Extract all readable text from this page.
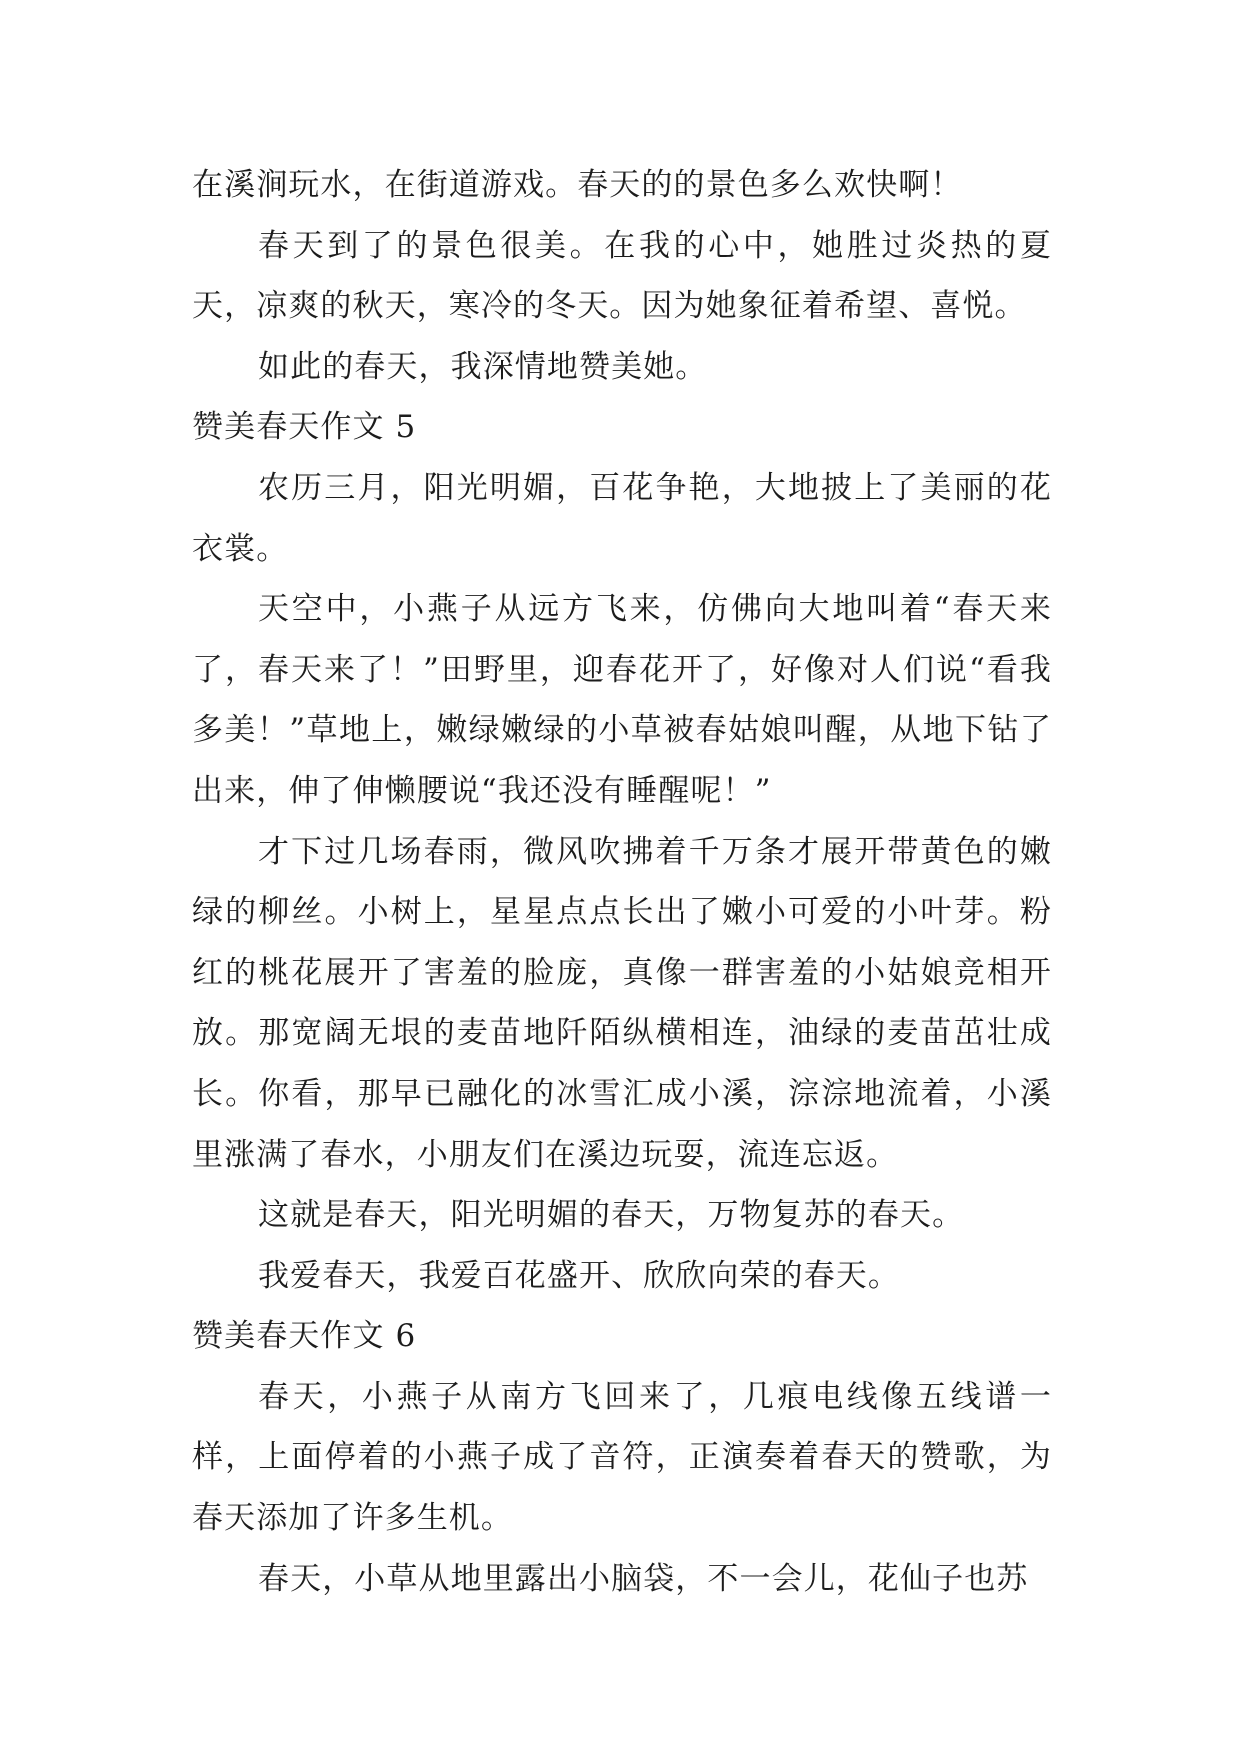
在溪涧玩水，在街道游戏。春天的的景色多么欢快啊！

春天到了的景色很美。在我的心中，她胜过炎热的夏天，凉爽的秋天，寒冷的冬天。因为她象征着希望、喜悦。

如此的春天，我深情地赞美她。

赞美春天作文 5

农历三月，阳光明媚，百花争艳，大地披上了美丽的花衣裳。

天空中，小燕子从远方飞来，仿佛向大地叫着“春天来了，春天来了！”田野里，迎春花开了，好像对人们说“看我多美！”草地上，嫩绿嫩绿的小草被春姑娘叫醒，从地下钻了出来，伸了伸懒腰说“我还没有睡醒呢！”

才下过几场春雨，微风吹拂着千万条才展开带黄色的嫩绿的柳丝。小树上，星星点点长出了嫩小可爱的小叶芽。粉红的桃花展开了害羞的脸庞，真像一群害羞的小姑娘竞相开放。那宽阔无垠的麦苗地阡陌纵横相连，油绿的麦苗茁壮成长。你看，那早已融化的冰雪汇成小溪，淙淙地流着，小溪里涨满了春水，小朋友们在溪边玩耍，流连忘返。

这就是春天，阳光明媚的春天，万物复苏的春天。

我爱春天，我爱百花盛开、欣欣向荣的春天。

赞美春天作文 6

春天，小燕子从南方飞回来了，几痕电线像五线谱一样，上面停着的小燕子成了音符，正演奏着春天的赞歌，为春天添加了许多生机。

春天，小草从地里露出小脑袋，不一会儿，花仙子也苏
